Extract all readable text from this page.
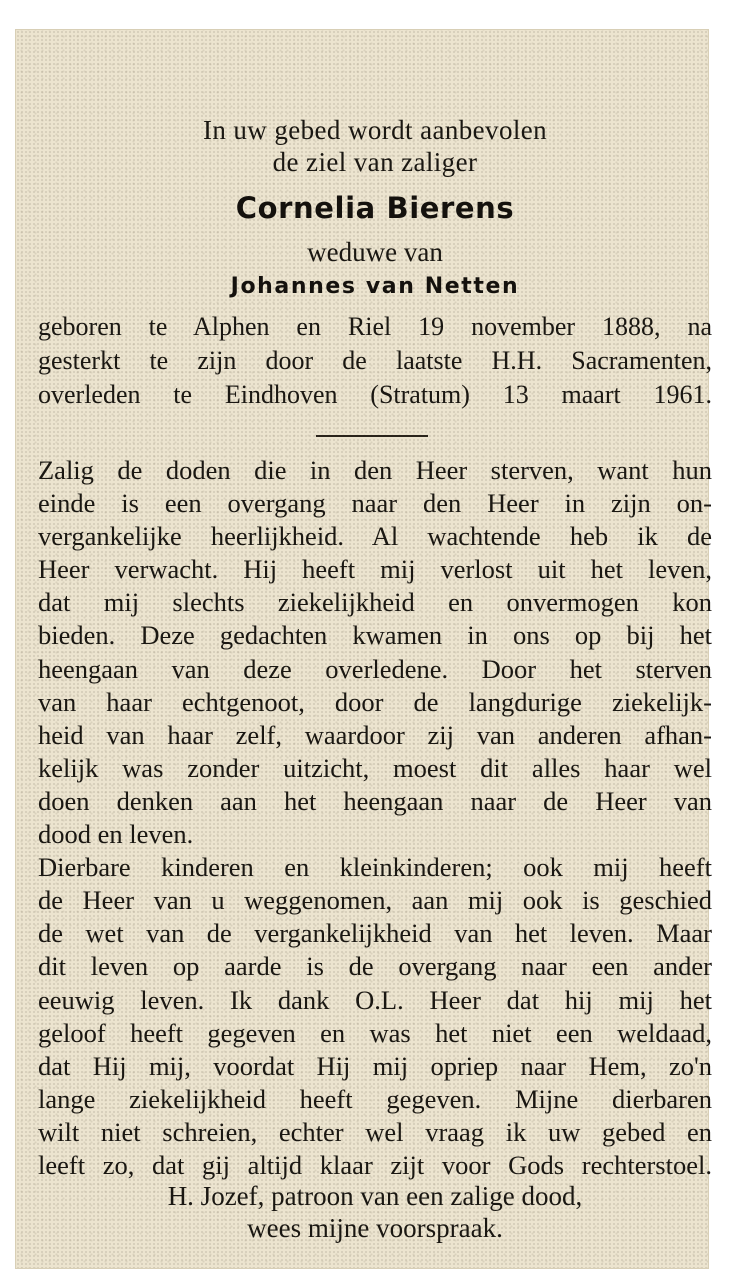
In uw gebed wordt aanbevolen
de ziel van zaliger
Cornelia Bierens
weduwe van
Johannes van Netten
geboren te Alphen en Riel 19 november 1888, na
gesterkt te zijn door de laatste H.H. Sacramenten,
overleden te Eindhoven (Stratum) 13 maart 1961.
Zalig de doden die in den Heer sterven, want hun
einde is een overgang naar den Heer in zijn on-
vergankelijke heerlijkheid. Al wachtende heb ik de
Heer verwacht. Hij heeft mij verlost uit het leven,
dat mij slechts ziekelijkheid en onvermogen kon
bieden. Deze gedachten kwamen in ons op bij het
heengaan van deze overledene. Door het sterven
van haar echtgenoot, door de langdurige ziekelijk-
heid van haar zelf, waardoor zij van anderen afhan-
kelijk was zonder uitzicht, moest dit alles haar wel
doen denken aan het heengaan naar de Heer van
dood en leven.
Dierbare kinderen en kleinkinderen; ook mij heeft
de Heer van u weggenomen, aan mij ook is geschied
de wet van de vergankelijkheid van het leven. Maar
dit leven op aarde is de overgang naar een ander
eeuwig leven. Ik dank O.L. Heer dat hij mij het
geloof heeft gegeven en was het niet een weldaad,
dat Hij mij, voordat Hij mij opriep naar Hem, zo'n
lange ziekelijkheid heeft gegeven. Mijne dierbaren
wilt niet schreien, echter wel vraag ik uw gebed en
leeft zo, dat gij altijd klaar zijt voor Gods rechterstoel.
H. Jozef, patroon van een zalige dood,
wees mijne voorspraak.
